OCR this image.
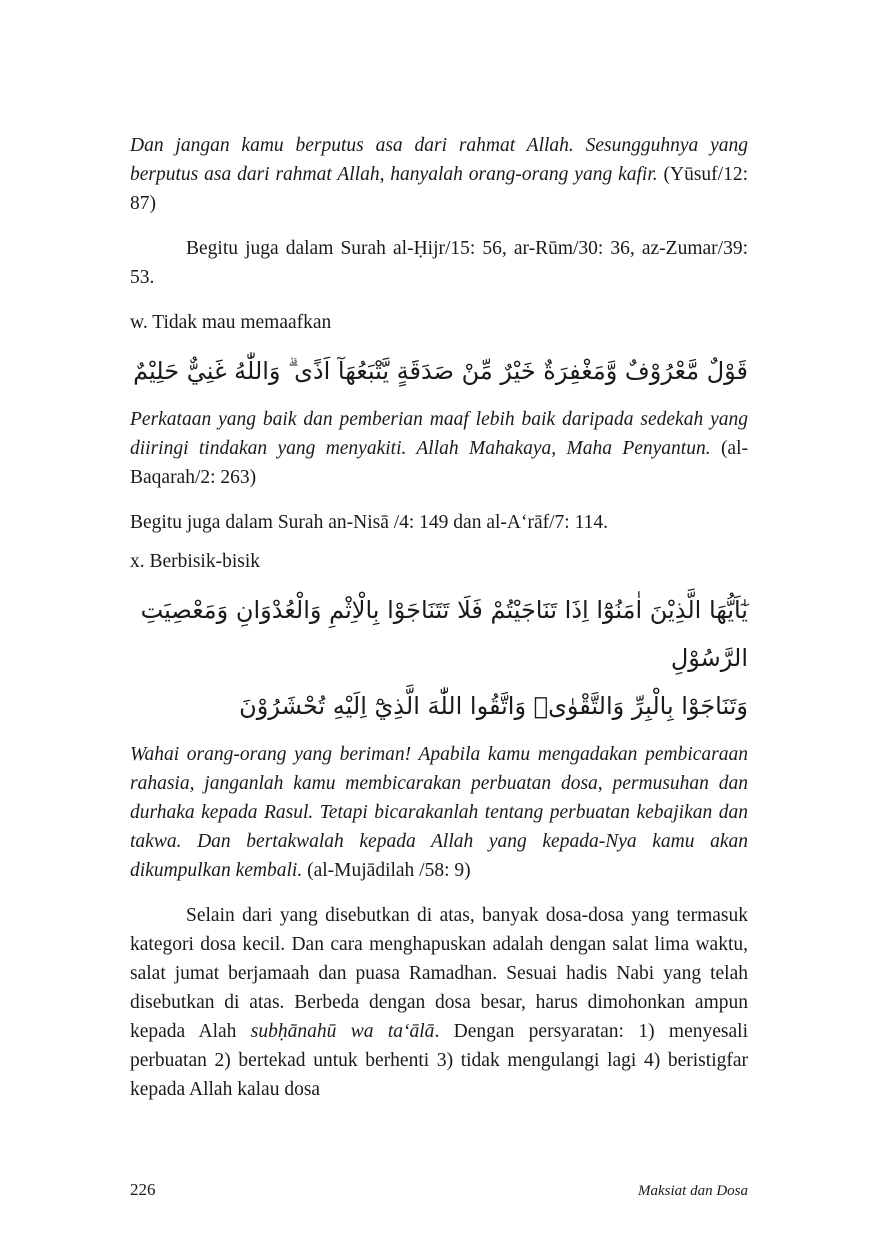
Dan jangan kamu berputus asa dari rahmat Allah. Sesungguhnya yang berputus asa dari rahmat Allah, hanyalah orang-orang yang kafir. (Yūsuf/12: 87)
Begitu juga dalam Surah al-Ḥijr/15: 56, ar-Rūm/30: 36, az-Zumar/39: 53.
w. Tidak mau memaafkan
قَوْلٌ مَّعْرُوْفٌ وَّمَغْفِرَةٌ خَيْرٌ مِّنْ صَدَقَةٍ يَّتْبَعُهَآ اَذًى ۗ وَاللّٰهُ غَنِيٌّ حَلِيْمٌ
Perkataan yang baik dan pemberian maaf lebih baik daripada sedekah yang diiringi tindakan yang menyakiti. Allah Mahakaya, Maha Penyantun. (al-Baqarah/2: 263)
Begitu juga dalam Surah an-Nisā /4: 149 dan al-A‘rāf/7: 114.
x. Berbisik-bisik
يٰٓاَيُّهَا الَّذِيْنَ اٰمَنُوْٓا اِذَا تَنَاجَيْتُمْ فَلَا تَتَنَاجَوْا بِالْاِثْمِ وَالْعُدْوَانِ وَمَعْصِيَتِ الرَّسُوْلِ
وَتَنَاجَوْا بِالْبِرِّ وَالتَّقْوٰىۗ وَاتَّقُوا اللّٰهَ الَّذِيْٓ اِلَيْهِ تُحْشَرُوْنَ
Wahai orang-orang yang beriman! Apabila kamu mengadakan pembicaraan rahasia, janganlah kamu membicarakan perbuatan dosa, permusuhan dan durhaka kepada Rasul. Tetapi bicarakanlah tentang perbuatan kebajikan dan takwa. Dan bertakwalah kepada Allah yang kepada-Nya kamu akan dikumpulkan kembali. (al-Mujādilah /58: 9)
Selain dari yang disebutkan di atas, banyak dosa-dosa yang termasuk kategori dosa kecil. Dan cara menghapuskan adalah dengan salat lima waktu, salat jumat berjamaah dan puasa Ramadhan. Sesuai hadis Nabi yang telah disebutkan di atas. Berbeda dengan dosa besar, harus dimohonkan ampun kepada Alah subḥānahū wa ta‘ālā. Dengan persyaratan: 1) menyesali perbuatan 2) bertekad untuk berhenti 3) tidak mengulangi lagi 4) beristigfar kepada Allah kalau dosa
226	Maksiat dan Dosa
